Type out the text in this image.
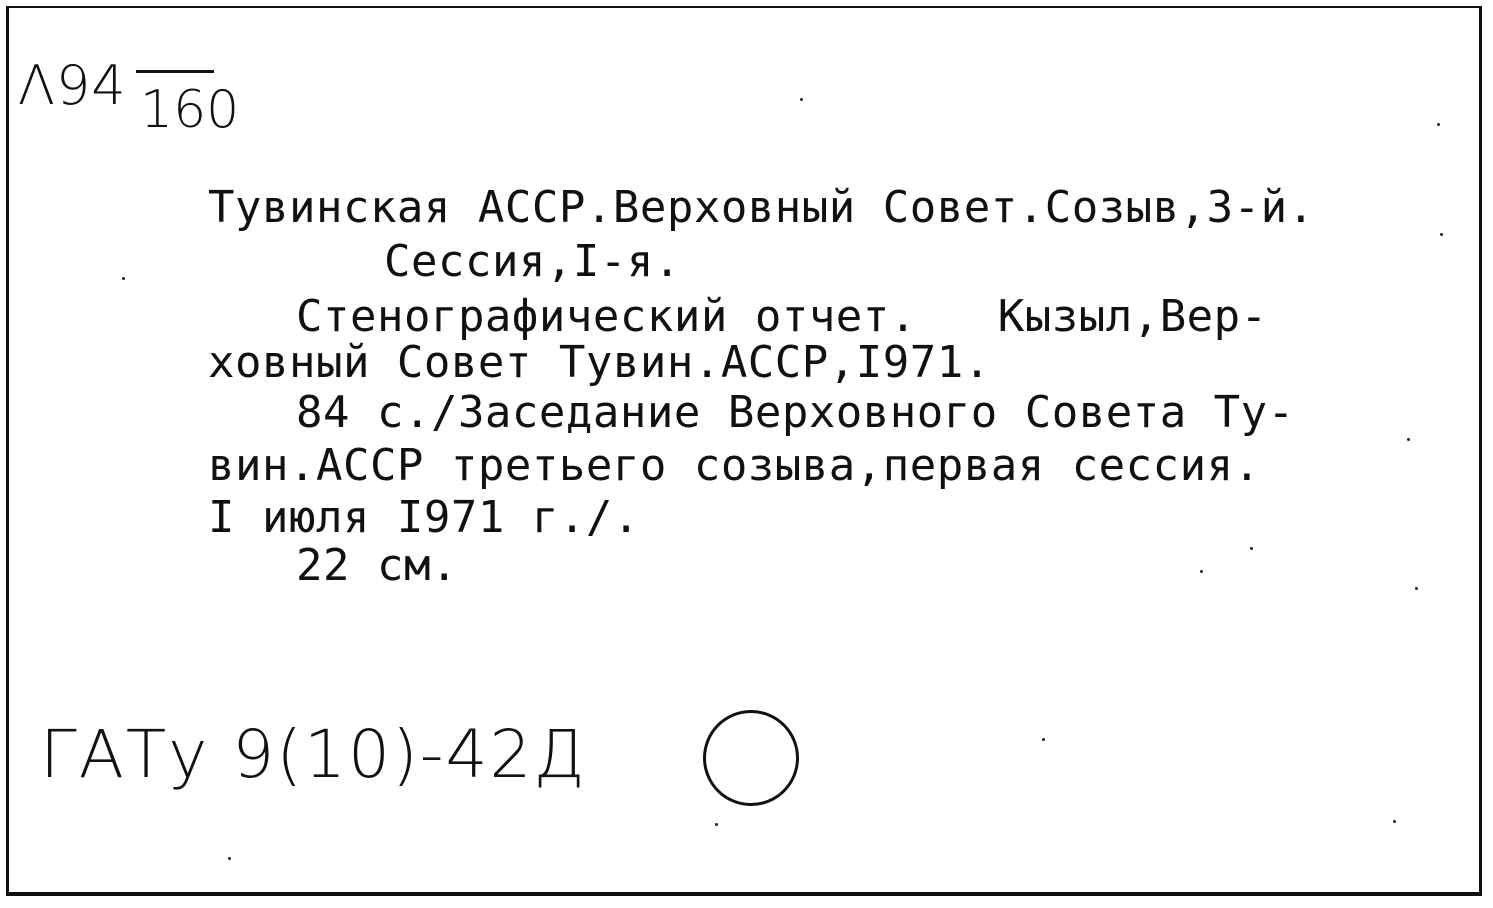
Λ94 160
Тувинская АССР.Верховный Совет.Созыв,3-й.
Сессия,I-я.
Стенографический отчет.   Кызыл,Вер-
ховный Совет Тувин.АССР,I971.
84 с./Заседание Верховного Совета Ту-
вин.АССР третьего созыва,первая сессия.
I июля I971 г./.
22 см.
ГАТу 9(10)-42Д
